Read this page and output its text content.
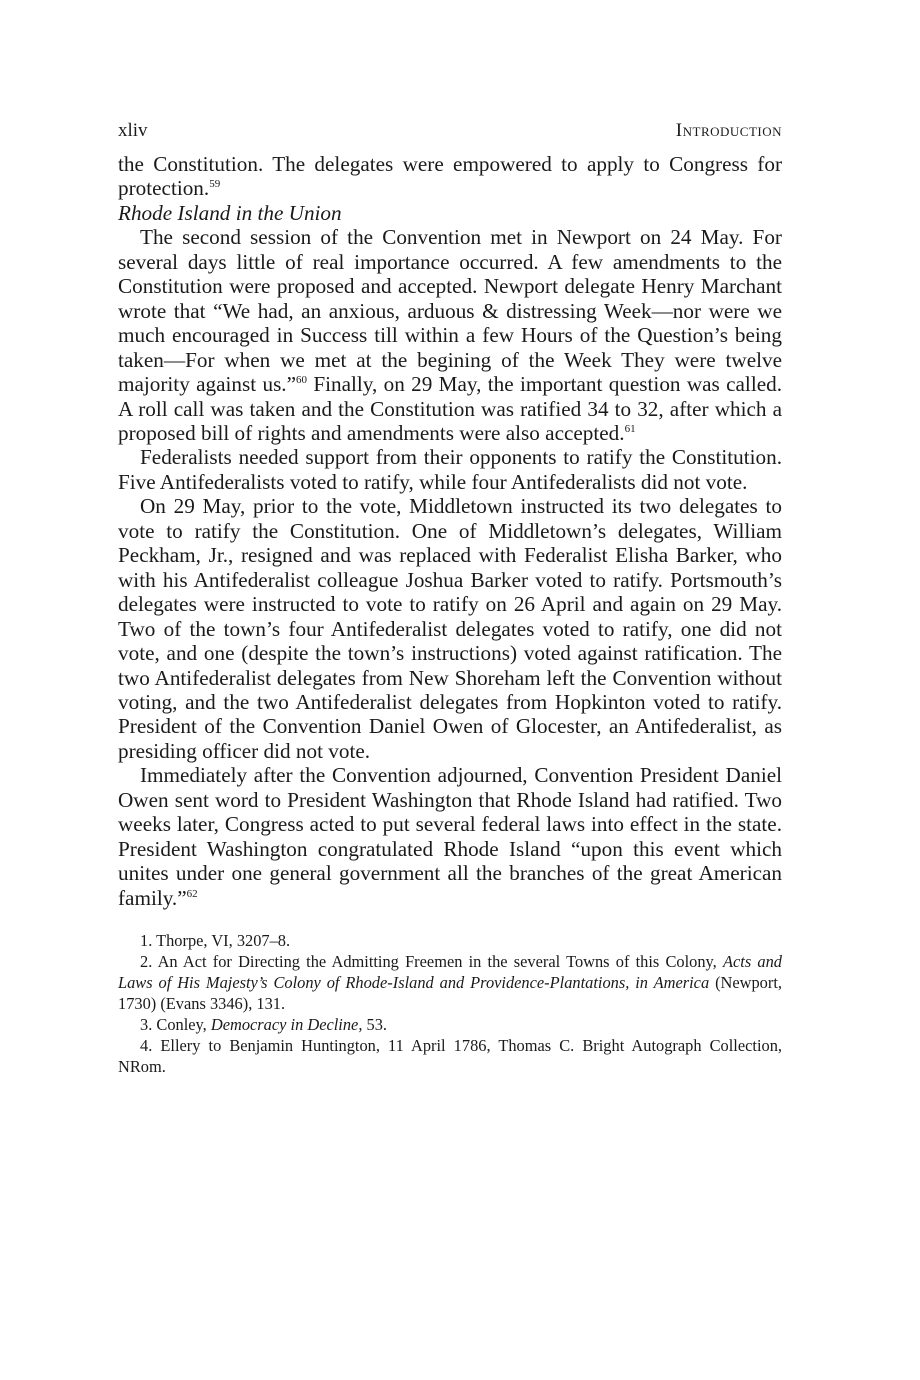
xliv	Introduction

the Constitution. The delegates were empowered to apply to Congress for protection.$^{59}$

Rhode Island in the Union

The second session of the Convention met in Newport on 24 May. For several days little of real importance occurred. A few amendments to the Constitution were proposed and accepted. Newport delegate Henry Marchant wrote that “We had, an anxious, arduous & distressing Week—nor were we much encouraged in Success till within a few Hours of the Question’s being taken—For when we met at the begining of the Week They were twelve majority against us.”$^{60}$ Finally, on 29 May, the important question was called. A roll call was taken and the Constitution was ratified 34 to 32, after which a proposed bill of rights and amendments were also accepted.$^{61}$

Federalists needed support from their opponents to ratify the Constitution. Five Antifederalists voted to ratify, while four Antifederalists did not vote.

On 29 May, prior to the vote, Middletown instructed its two delegates to vote to ratify the Constitution. One of Middletown’s delegates, William Peckham, Jr., resigned and was replaced with Federalist Elisha Barker, who with his Antifederalist colleague Joshua Barker voted to ratify. Portsmouth’s delegates were instructed to vote to ratify on 26 April and again on 29 May. Two of the town’s four Antifederalist delegates voted to ratify, one did not vote, and one (despite the town’s instructions) voted against ratification. The two Antifederalist delegates from New Shoreham left the Convention without voting, and the two Antifederalist delegates from Hopkinton voted to ratify. President of the Convention Daniel Owen of Glocester, an Antifederalist, as presiding officer did not vote.

Immediately after the Convention adjourned, Convention President Daniel Owen sent word to President Washington that Rhode Island had ratified. Two weeks later, Congress acted to put several federal laws into effect in the state. President Washington congratulated Rhode Island “upon this event which unites under one general government all the branches of the great American family.”$^{62}$

1. Thorpe, VI, 3207–8.

2. An Act for Directing the Admitting Freemen in the several Towns of this Colony, Acts and Laws of His Majesty’s Colony of Rhode-Island and Providence-Plantations, in America (Newport, 1730) (Evans 3346), 131.

3. Conley, Democracy in Decline, 53.

4. Ellery to Benjamin Huntington, 11 April 1786, Thomas C. Bright Autograph Collection, NRom.
